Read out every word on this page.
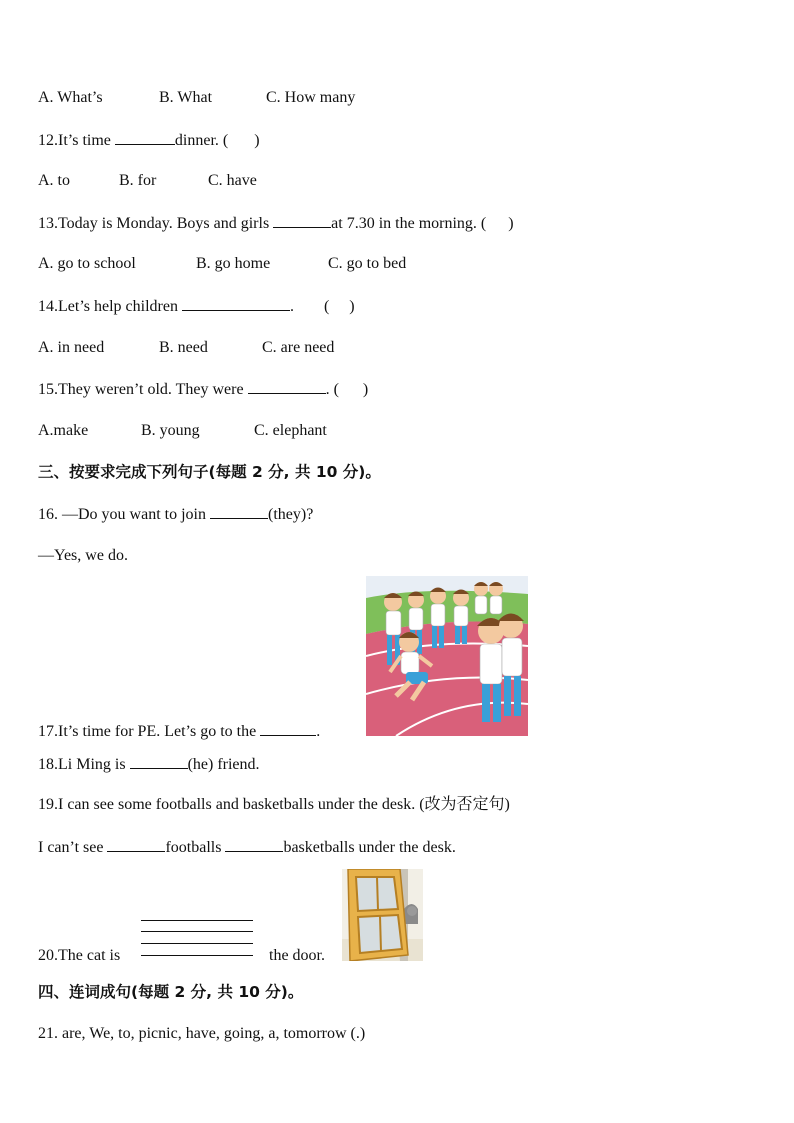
A. What’s	B. What	C. How many
12.It’s time	dinner. ( )
A. to	B. for	C. have
13.Today is Monday. Boys and girls	at 7.30 in the morning. ( )
A. go to school	B. go home	C. go to bed
14.Let’s help children	. ( )
A. in need	B. need	C. are need
15.They weren’t old. They were	. ( )
A.make	B. young	C. elephant
三、按要求完成下列句子(每题 2 分, 共 10 分)。
16. —Do you want to join	(they)?
—Yes, we do.
17.It’s time for PE. Let’s go to the	.
18.Li Ming is	(he) friend.
19.I can see some footballs and basketballs under the desk. (改为否定句)
I can’t see	footballs	basketballs under the desk.
20.The cat is	the door.
四、连词成句(每题 2 分, 共 10 分)。
21. are, We, to, picnic, have, going, a, tomorrow (.)
